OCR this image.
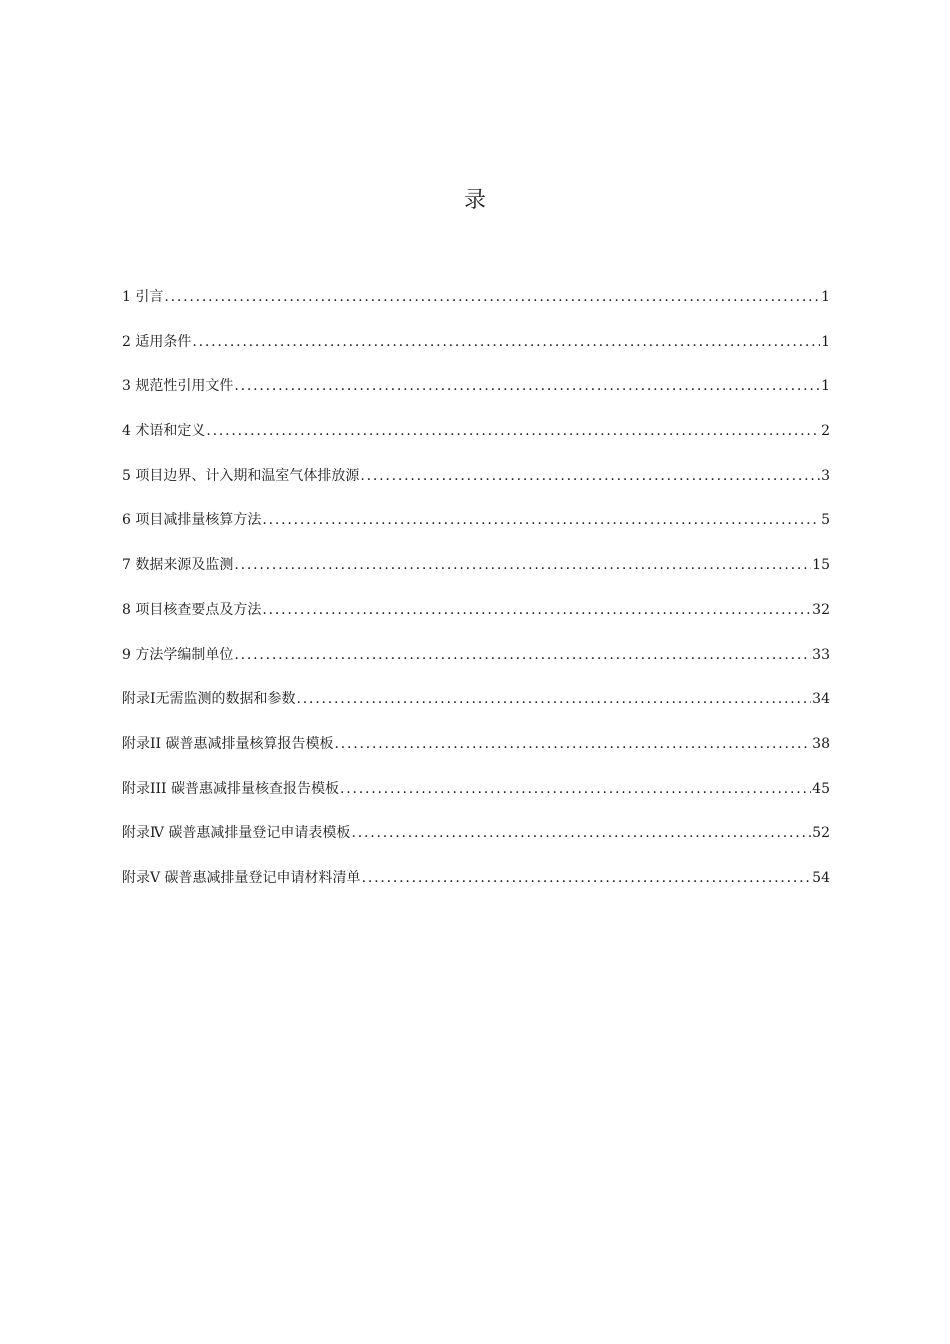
录
1 引言 .....	1
2 适用条件 .....	1
3 规范性引用文件 .....	1
4 术语和定义 .....	2
5 项目边界、计入期和温室气体排放源 .....	3
6 项目减排量核算方法 .....	5
7 数据来源及监测 .....	15
8 项目核查要点及方法 .....	32
9 方法学编制单位 .....	33
附录Ⅰ无需监测的数据和参数 .....	34
附录II 碳普惠减排量核算报告模板 .....	38
附录III 碳普惠减排量核查报告模板 .....	45
附录Ⅳ 碳普惠减排量登记申请表模板 .....	52
附录Ⅴ 碳普惠减排量登记申请材料清单 .....	54
